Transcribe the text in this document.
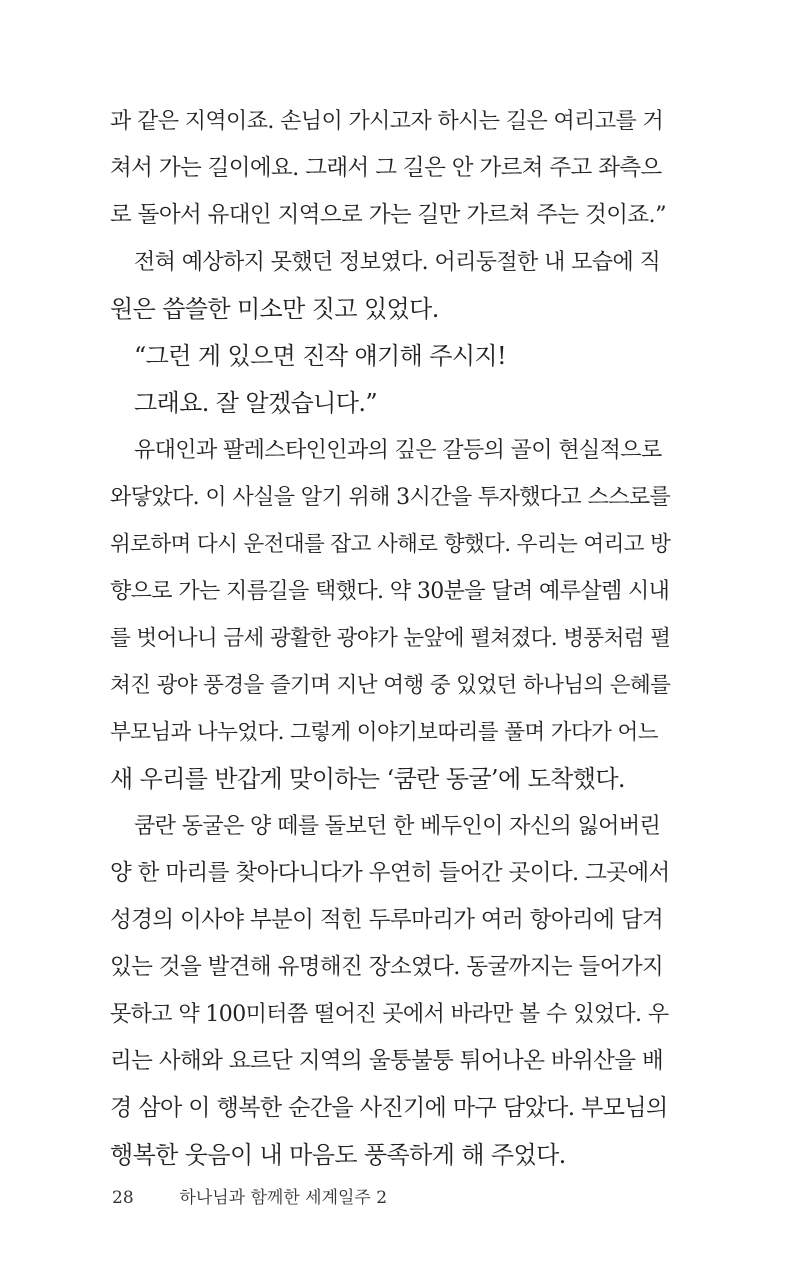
과 같은 지역이죠. 손님이 가시고자 하시는 길은 여리고를 거
쳐서 가는 길이에요. 그래서 그 길은 안 가르쳐 주고 좌측으
로 돌아서 유대인 지역으로 가는 길만 가르쳐 주는 것이죠.”

전혀 예상하지 못했던 정보였다. 어리둥절한 내 모습에 직
원은 씁쓸한 미소만 짓고 있었다.

“그런 게 있으면 진작 얘기해 주시지!

그래요. 잘 알겠습니다.”

유대인과 팔레스타인인과의 깊은 갈등의 골이 현실적으로
와닿았다. 이 사실을 알기 위해 3시간을 투자했다고 스스로를
위로하며 다시 운전대를 잡고 사해로 향했다. 우리는 여리고 방
향으로 가는 지름길을 택했다. 약 30분을 달려 예루살렘 시내
를 벗어나니 금세 광활한 광야가 눈앞에 펼쳐졌다. 병풍처럼 펼
쳐진 광야 풍경을 즐기며 지난 여행 중 있었던 하나님의 은혜를
부모님과 나누었다. 그렇게 이야기보따리를 풀며 가다가 어느
새 우리를 반갑게 맞이하는 ‘쿰란 동굴’에 도착했다.

쿰란 동굴은 양 떼를 돌보던 한 베두인이 자신의 잃어버린
양 한 마리를 찾아다니다가 우연히 들어간 곳이다. 그곳에서
성경의 이사야 부분이 적힌 두루마리가 여러 항아리에 담겨
있는 것을 발견해 유명해진 장소였다. 동굴까지는 들어가지
못하고 약 100미터쯤 떨어진 곳에서 바라만 볼 수 있었다. 우
리는 사해와 요르단 지역의 울퉁불퉁 튀어나온 바위산을 배
경 삼아 이 행복한 순간을 사진기에 마구 담았다. 부모님의
행복한 웃음이 내 마음도 풍족하게 해 주었다.

28	하나님과 함께한 세계일주 2
